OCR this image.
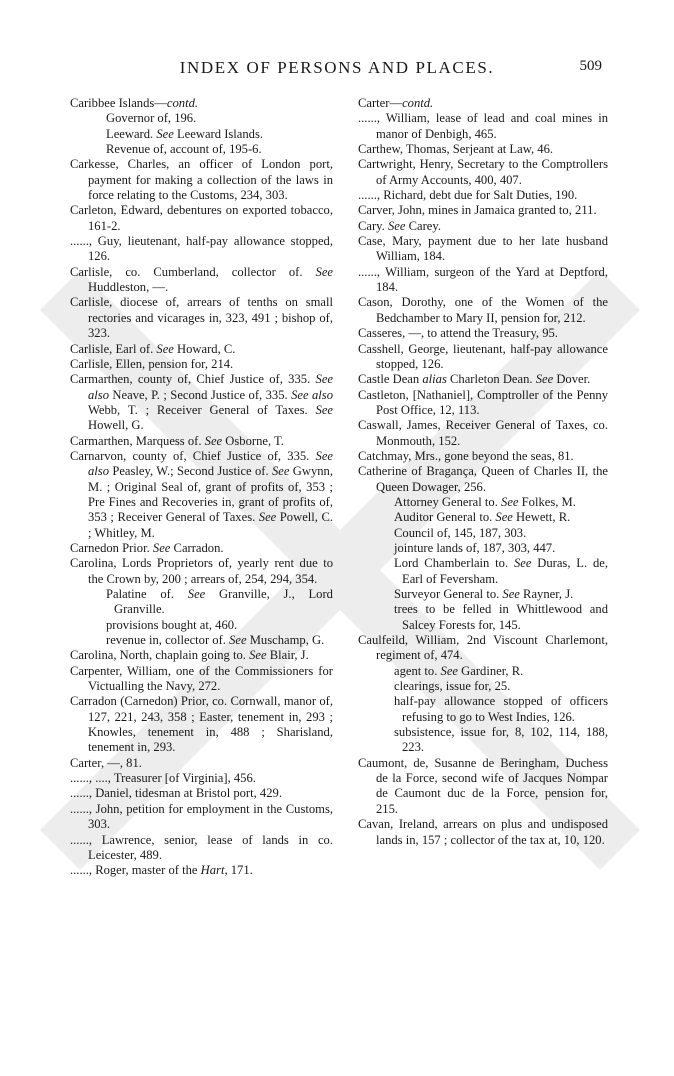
INDEX OF PERSONS AND PLACES.	509
Caribbee Islands—contd.
Governor of, 196.
Leeward. See Leeward Islands.
Revenue of, account of, 195-6.
Carkesse, Charles, an officer of London port, payment for making a collection of the laws in force relating to the Customs, 234, 303.
Carleton, Edward, debentures on exported tobacco, 161-2.
......, Guy, lieutenant, half-pay allowance stopped, 126.
Carlisle, co. Cumberland, collector of. See Huddleston, —.
Carlisle, diocese of, arrears of tenths on small rectories and vicarages in, 323, 491 ; bishop of, 323.
Carlisle, Earl of. See Howard, C.
Carlisle, Ellen, pension for, 214.
Carmarthen, county of, Chief Justice of, 335. See also Neave, P. ; Second Justice of, 335. See also Webb, T. ; Receiver General of Taxes. See Howell, G.
Carmarthen, Marquess of. See Osborne, T.
Carnarvon, county of, Chief Justice of, 335. See also Peasley, W.; Second Justice of. See Gwynn, M. ; Original Seal of, grant of profits of, 353 ; Pre Fines and Recoveries in, grant of profits of, 353 ; Receiver General of Taxes. See Powell, C. ; Whitley, M.
Carnedon Prior. See Carradon.
Carolina, Lords Proprietors of, yearly rent due to the Crown by, 200 ; arrears of, 254, 294, 354.
Palatine of. See Granville, J., Lord Granville.
provisions bought at, 460.
revenue in, collector of. See Muschamp, G.
Carolina, North, chaplain going to. See Blair, J.
Carpenter, William, one of the Commissioners for Victualling the Navy, 272.
Carradon (Carnedon) Prior, co. Cornwall, manor of, 127, 221, 243, 358 ; Easter, tenement in, 293 ; Knowles, tenement in, 488 ; Sharisland, tenement in, 293.
Carter, —, 81.
......, ...., Treasurer [of Virginia], 456.
......, Daniel, tidesman at Bristol port, 429.
......, John, petition for employment in the Customs, 303.
......, Lawrence, senior, lease of lands in co. Leicester, 489.
......, Roger, master of the Hart, 171.
Carter—contd.
......, William, lease of lead and coal mines in manor of Denbigh, 465.
Carthew, Thomas, Serjeant at Law, 46.
Cartwright, Henry, Secretary to the Comptrollers of Army Accounts, 400, 407.
......, Richard, debt due for Salt Duties, 190.
Carver, John, mines in Jamaica granted to, 211.
Cary. See Carey.
Case, Mary, payment due to her late husband William, 184.
......, William, surgeon of the Yard at Deptford, 184.
Cason, Dorothy, one of the Women of the Bedchamber to Mary II, pension for, 212.
Casseres, —, to attend the Treasury, 95.
Casshell, George, lieutenant, half-pay allowance stopped, 126.
Castle Dean alias Charleton Dean. See Dover.
Castleton, [Nathaniel], Comptroller of the Penny Post Office, 12, 113.
Caswall, James, Receiver General of Taxes, co. Monmouth, 152.
Catchmay, Mrs., gone beyond the seas, 81.
Catherine of Bragança, Queen of Charles II, the Queen Dowager, 256.
Attorney General to. See Folkes, M.
Auditor General to. See Hewett, R.
Council of, 145, 187, 303.
jointure lands of, 187, 303, 447.
Lord Chamberlain to. See Duras, L. de, Earl of Feversham.
Surveyor General to. See Rayner, J.
trees to be felled in Whittlewood and Salcey Forests for, 145.
Caulfeild, William, 2nd Viscount Charlemont, regiment of, 474.
agent to. See Gardiner, R.
clearings, issue for, 25.
half-pay allowance stopped of officers refusing to go to West Indies, 126.
subsistence, issue for, 8, 102, 114, 188, 223.
Caumont, de, Susanne de Beringham, Duchess de la Force, second wife of Jacques Nompar de Caumont duc de la Force, pension for, 215.
Cavan, Ireland, arrears on plus and undisposed lands in, 157 ; collector of the tax at, 10, 120.
